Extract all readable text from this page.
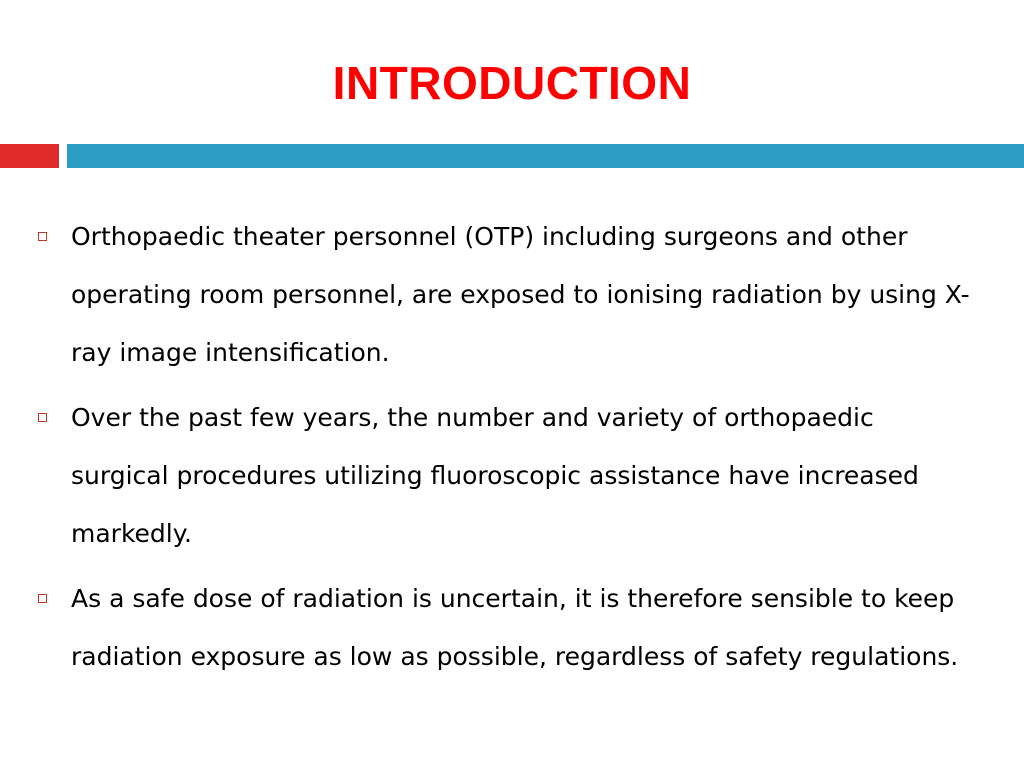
INTRODUCTION
Orthopaedic theater personnel (OTP) including surgeons and other operating room personnel, are exposed to ionising radiation by using X-ray image intensification.
Over the past few years, the number and variety of orthopaedic surgical procedures utilizing fluoroscopic assistance have increased markedly.
As a safe dose of radiation is uncertain, it is therefore sensible to keep radiation exposure as low as possible, regardless of safety regulations.
